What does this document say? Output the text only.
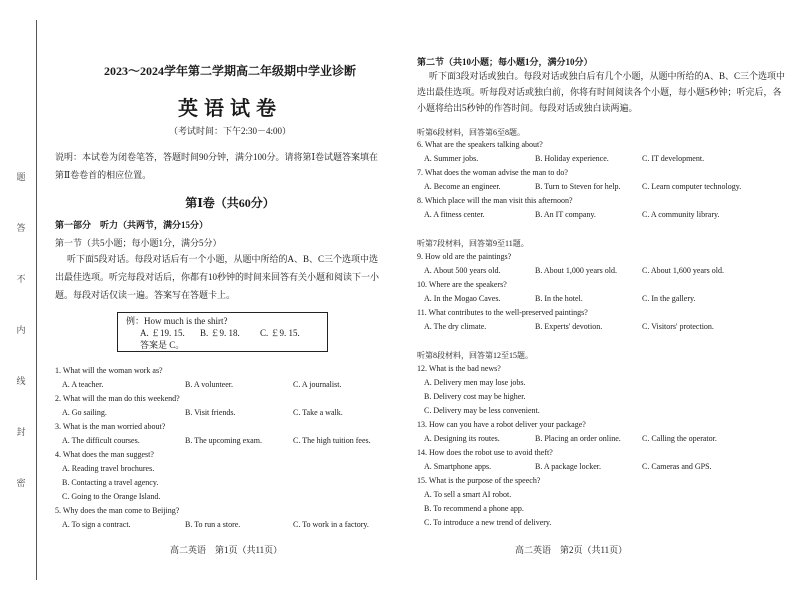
题
答
不
内
线
封
密
2023～2024学年第二学期高二年级期中学业诊断
英语试卷
（考试时间：下午2:30－4:00）
说明：本试卷为闭卷笔答，答题时间90分钟，满分100分。请将第Ⅰ卷试题答案填在第Ⅱ卷卷首的相应位置。
第Ⅰ卷（共60分）
第一部分　听力（共两节，满分15分）
第一节（共5小题；每小题1分，满分5分）
听下面5段对话。每段对话后有一个小题，从题中所给的A、B、C三个选项中选出最佳选项。听完每段对话后，你都有10秒钟的时间来回答有关小题和阅读下一小题。每段对话仅读一遍。答案写在答题卡上。
例：How much is the shirt?
A. ￡19. 15. B. ￡9. 18. C. ￡9. 15.
答案是 C。
1. What will the woman work as?
A. A teacher.	B. A volunteer.	C. A journalist.
2. What will the man do this weekend?
A. Go sailing.	B. Visit friends.	C. Take a walk.
3. What is the man worried about?
A. The difficult courses.	B. The upcoming exam.	C. The high tuition fees.
4. What does the man suggest?
A. Reading travel brochures.
B. Contacting a travel agency.
C. Going to the Orange Island.
5. Why does the man come to Beijing?
A. To sign a contract.	B. To run a store.	C. To work in a factory.
高二英语　第1页（共11页）
第二节（共10小题；每小题1分，满分10分）
听下面3段对话或独白。每段对话或独白后有几个小题，从题中所给的A、B、C三个选项中选出最佳选项。听每段对话或独白前，你将有时间阅读各个小题，每小题5秒钟；听完后，各小题将给出5秒钟的作答时间。每段对话或独白读两遍。
听第6段材料，回答第6至8题。
6. What are the speakers talking about?
A. Summer jobs.	B. Holiday experience.	C. IT development.
7. What does the woman advise the man to do?
A. Become an engineer.	B. Turn to Steven for help.	C. Learn computer technology.
8. Which place will the man visit this afternoon?
A. A fitness center.	B. An IT company.	C. A community library.
听第7段材料，回答第9至11题。
9. How old are the paintings?
A. About 500 years old.	B. About 1,000 years old.	C. About 1,600 years old.
10. Where are the speakers?
A. In the Mogao Caves.	B. In the hotel.	C. In the gallery.
11. What contributes to the well-preserved paintings?
A. The dry climate.	B. Experts' devotion.	C. Visitors' protection.
听第8段材料，回答第12至15题。
12. What is the bad news?
A. Delivery men may lose jobs.
B. Delivery cost may be higher.
C. Delivery may be less convenient.
13. How can you have a robot deliver your package?
A. Designing its routes.	B. Placing an order online.	C. Calling the operator.
14. How does the robot use to avoid theft?
A. Smartphone apps.	B. A package locker.	C. Cameras and GPS.
15. What is the purpose of the speech?
A. To sell a smart AI robot.
B. To recommend a phone app.
C. To introduce a new trend of delivery.
高二英语　第2页（共11页）
